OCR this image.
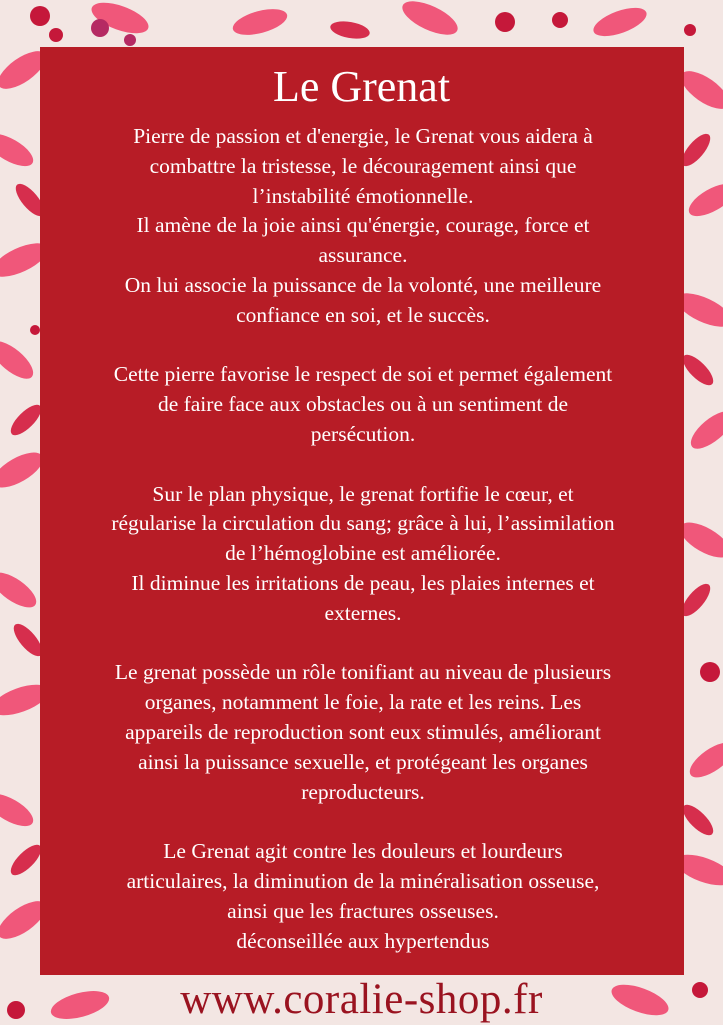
Le Grenat
Pierre de passion et d'energie, le Grenat vous aidera à
combattre la tristesse, le découragement ainsi que
l’instabilité émotionnelle.
Il amène de la joie ainsi qu'énergie, courage, force et
assurance.
On lui associe la puissance de la volonté, une meilleure
confiance en soi, et le succès.
Cette pierre favorise le respect de soi et permet également
de faire face aux obstacles ou à un sentiment de
persécution.
Sur le plan physique, le grenat fortifie le cœur, et
régularise la circulation du sang; grâce à lui, l’assimilation
de l’hémoglobine est améliorée.
Il diminue les irritations de peau, les plaies internes et
externes.
Le grenat possède un rôle tonifiant au niveau de plusieurs
organes, notamment le foie, la rate et les reins. Les
appareils de reproduction sont eux stimulés, améliorant
ainsi la puissance sexuelle, et protégeant les organes
reproducteurs.
Le Grenat agit contre les douleurs et lourdeurs
articulaires, la diminution de la minéralisation osseuse,
ainsi que les fractures osseuses.
déconseillée aux hypertendus
www.coralie-shop.fr
